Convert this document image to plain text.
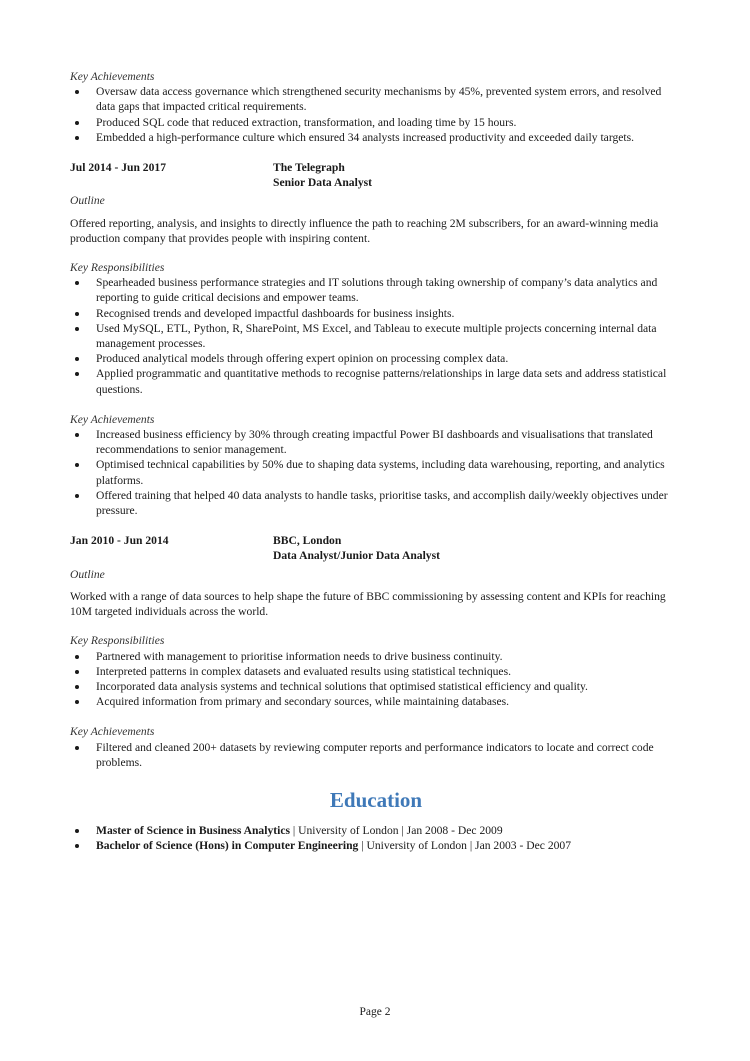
Key Achievements

Oversaw data access governance which strengthened security mechanisms by 45%, prevented system errors, and resolved data gaps that impacted critical requirements.
Produced SQL code that reduced extraction, transformation, and loading time by 15 hours.
Embedded a high-performance culture which ensured 34 analysts increased productivity and exceeded daily targets.
Jul 2014 - Jun 2017	The Telegraph
Senior Data Analyst

Outline

Offered reporting, analysis, and insights to directly influence the path to reaching 2M subscribers, for an award-winning media production company that provides people with inspiring content.

Key Responsibilities

Spearheaded business performance strategies and IT solutions through taking ownership of company’s data analytics and reporting to guide critical decisions and empower teams.
Recognised trends and developed impactful dashboards for business insights.
Used MySQL, ETL, Python, R, SharePoint, MS Excel, and Tableau to execute multiple projects concerning internal data management processes.
Produced analytical models through offering expert opinion on processing complex data.
Applied programmatic and quantitative methods to recognise patterns/relationships in large data sets and address statistical questions.

Key Achievements

Increased business efficiency by 30% through creating impactful Power BI dashboards and visualisations that translated recommendations to senior management.
Optimised technical capabilities by 50% due to shaping data systems, including data warehousing, reporting, and analytics platforms.
Offered training that helped 40 data analysts to handle tasks, prioritise tasks, and accomplish daily/weekly objectives under pressure.
Jan 2010 - Jun 2014	BBC, London
Data Analyst/Junior Data Analyst

Outline

Worked with a range of data sources to help shape the future of BBC commissioning by assessing content and KPIs for reaching 10M targeted individuals across the world.

Key Responsibilities

Partnered with management to prioritise information needs to drive business continuity.
Interpreted patterns in complex datasets and evaluated results using statistical techniques.
Incorporated data analysis systems and technical solutions that optimised statistical efficiency and quality.
Acquired information from primary and secondary sources, while maintaining databases.

Key Achievements

Filtered and cleaned 200+ datasets by reviewing computer reports and performance indicators to locate and correct code problems.
Education
Master of Science in Business Analytics | University of London | Jan 2008 - Dec 2009
Bachelor of Science (Hons) in Computer Engineering | University of London | Jan 2003 - Dec 2007
Page 2
